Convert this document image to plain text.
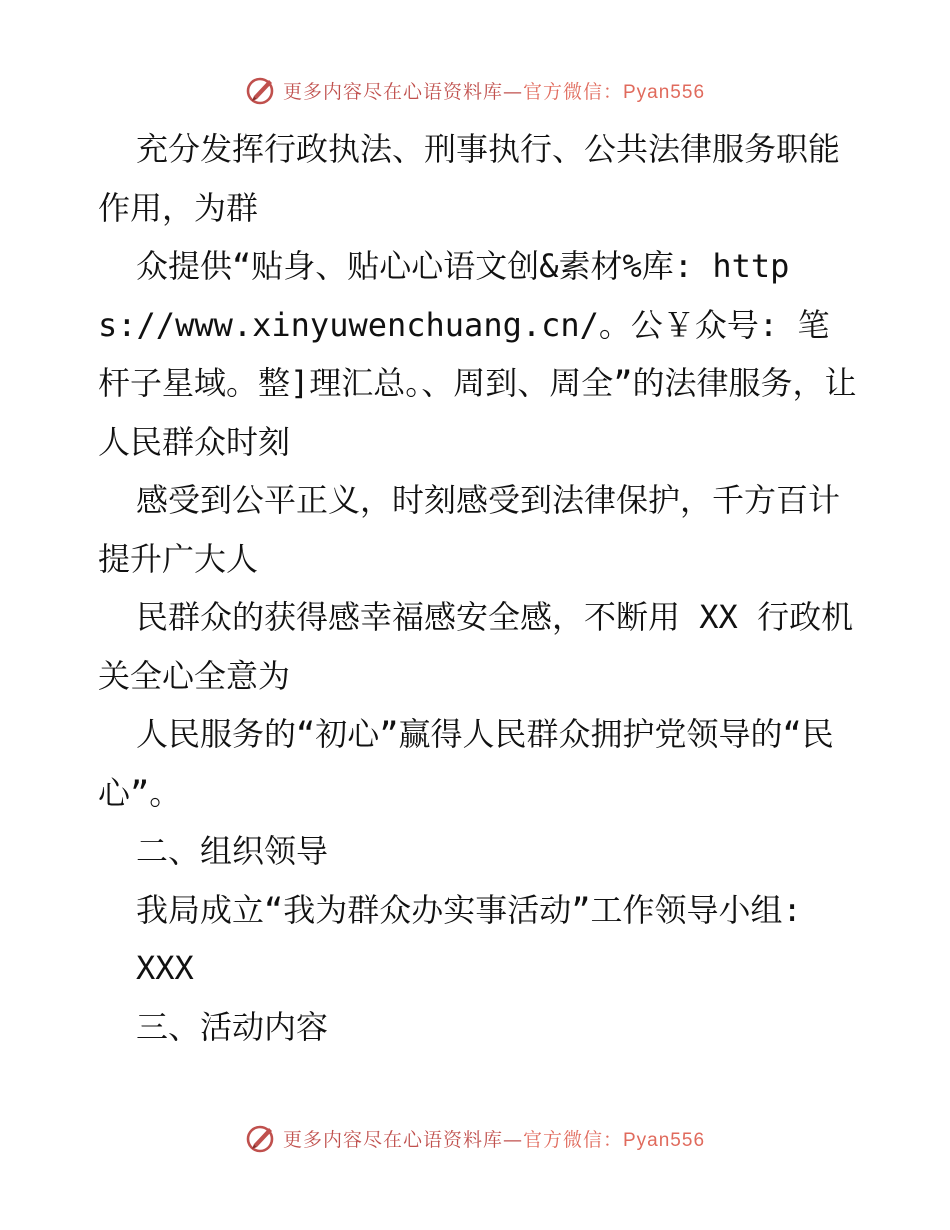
更多内容尽在心语资料库—官方微信：Pyan556

充分发挥行政执法、刑事执行、公共法律服务职能作用，为群

众提供“贴身、贴心心语文创&素材%库: https://www.xinyuwenchuang.cn/。公￥众号: 笔杆子星域。整]理汇总。、周到、周全”的法律服务，让人民群众时刻

感受到公平正义，时刻感受到法律保护，千方百计提升广大人

民群众的获得感幸福感安全感，不断用 XX 行政机关全心全意为

人民服务的“初心”赢得人民群众拥护党领导的“民心”。

二、组织领导

我局成立“我为群众办实事活动”工作领导小组:

XXX

三、活动内容

更多内容尽在心语资料库—官方微信：Pyan556
